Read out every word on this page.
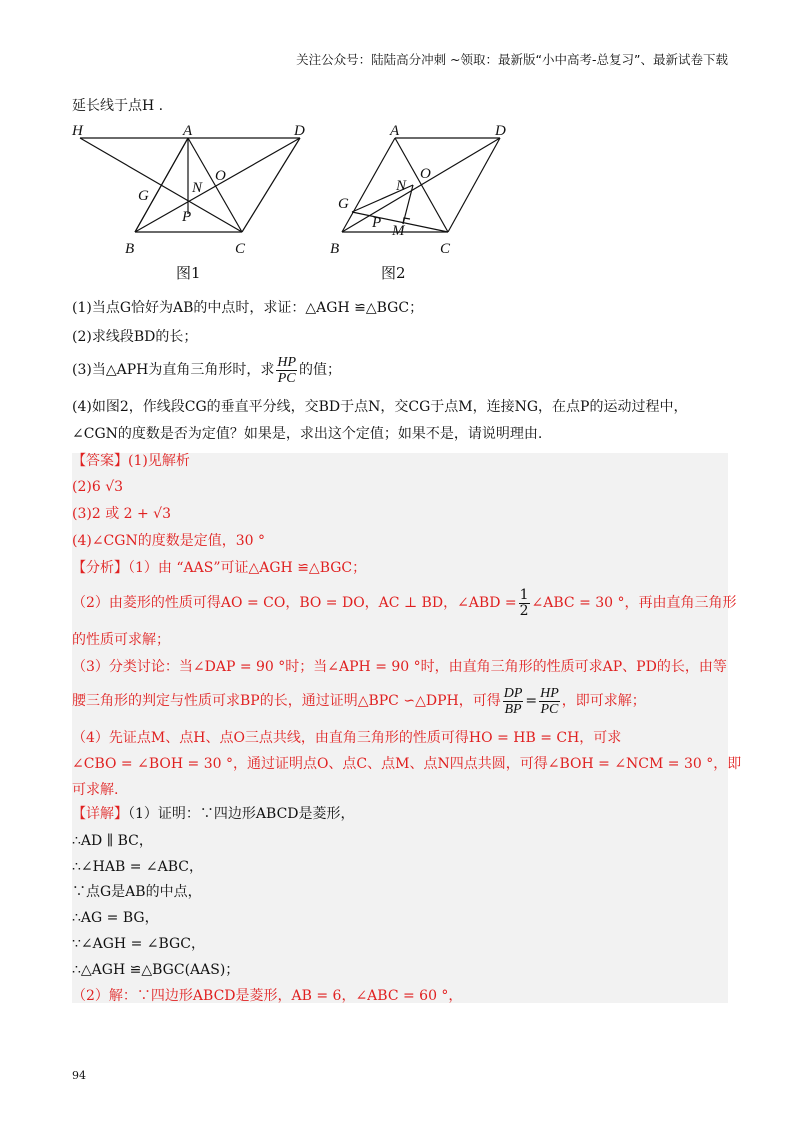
关注公众号：陆陆高分冲刺 ~领取：最新版“小中高考-总复习”、最新试卷下载
延长线于点H .
H	A	D
G
O
N
P
B	C
图1
A	D
N
O
G
P M
B	C
图2
(1)当点G恰好为AB的中点时，求证：△AGH ≌△BGC；
(2)求线段BD的长；
(3)当△APH为直角三角形时，求 $\frac{HP}{PC}$ 的值；
(4)如图2，作线段CG的垂直平分线，交BD于点N，交CG于点M，连接NG，在点P的运动过程中，
∠CGN的度数是否为定值？如果是，求出这个定值；如果不是，请说明理由.
【答案】(1)见解析
(2)6 √3
(3)2 或 2 + √3
(4)∠CGN的度数是定值，30 °
【分析】（1）由 “AAS”可证△AGH ≌△BGC；
（2）由菱形的性质可得AO = CO，BO = DO，AC ⊥ BD，∠ABD = $\frac{1}{2}$ ∠ABC = 30 °，再由直角三角形
的性质可求解；
（3）分类讨论：当∠DAP = 90 °时；当∠APH = 90 °时，由直角三角形的性质可求AP、PD的长，由等
腰三角形的判定与性质可求BP的长，通过证明△BPC ∽△DPH，可得 $\frac{DP}{BP} = \frac{HP}{PC}$ ，即可求解；
（4）先证点M、点H、点O三点共线，由直角三角形的性质可得HO = HB = CH，可求
∠CBO = ∠BOH = 30 °，通过证明点O、点C、点M、点N四点共圆，可得∠BOH = ∠NCM = 30 °，即
可求解.
【详解】（1）证明：∵四边形ABCD是菱形，
∴AD ∥ BC，
∴∠HAB = ∠ABC，
∵点G是AB的中点，
∴AG = BG，
∵∠AGH = ∠BGC，
∴△AGH ≌△BGC(AAS)；
（2）解：∵四边形ABCD是菱形，AB = 6，∠ABC = 60 °，
94
